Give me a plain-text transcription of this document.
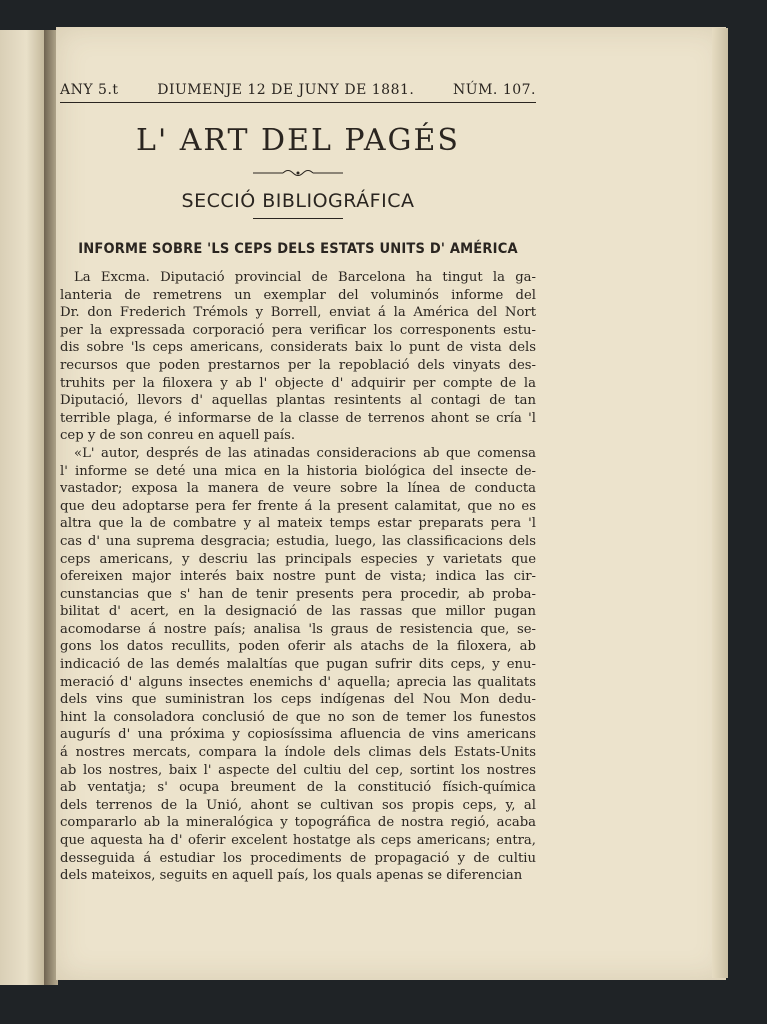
ANY 5.t	DIUMENJE 12 DE JUNY DE 1881.	NÚM. 107.
L' ART DEL PAGÉS
SECCIÓ BIBLIOGRÁFICA
INFORME SOBRE 'LS CEPS DELS ESTATS UNITS D' AMÉRICA
La Excma. Diputació provincial de Barcelona ha tingut la ga-
lanteria de remetrens un exemplar del voluminós informe del
Dr. don Frederich Trémols y Borrell, enviat á la América del Nort
per la expressada corporació pera verificar los corresponents estu-
dis sobre 'ls ceps americans, considerats baix lo punt de vista dels
recursos que poden prestarnos per la repoblació dels vinyats des-
truhits per la filoxera y ab l' objecte d' adquirir per compte de la
Diputació, llevors d' aquellas plantas resintents al contagi de tan
terrible plaga, é informarse de la classe de terrenos ahont se cría 'l
cep y de son conreu en aquell país.
«L' autor, després de las atinadas consideracions ab que comensa
l' informe se deté una mica en la historia biológica del insecte de-
vastador; exposa la manera de veure sobre la línea de conducta
que deu adoptarse pera fer frente á la present calamitat, que no es
altra que la de combatre y al mateix temps estar preparats pera 'l
cas d' una suprema desgracia; estudia, luego, las classificacions dels
ceps americans, y descriu las principals especies y varietats que
ofereixen major interés baix nostre punt de vista; indica las cir-
cunstancias que s' han de tenir presents pera procedir, ab proba-
bilitat d' acert, en la designació de las rassas que millor pugan
acomodarse á nostre país; analisa 'ls graus de resistencia que, se-
gons los datos recullits, poden oferir als atachs de la filoxera, ab
indicació de las demés malaltías que pugan sufrir dits ceps, y enu-
meració d' alguns insectes enemichs d' aquella; aprecia las qualitats
dels vins que suministran los ceps indígenas del Nou Mon dedu-
hint la consoladora conclusió de que no son de temer los funestos
augurís d' una próxima y copiosíssima afluencia de vins americans
á nostres mercats, compara la índole dels climas dels Estats-Units
ab los nostres, baix l' aspecte del cultiu del cep, sortint los nostres
ab ventatja; s' ocupa breument de la constitució físich-química
dels terrenos de la Unió, ahont se cultivan sos propis ceps, y, al
compararlo ab la mineralógica y topográfica de nostra regió, acaba
que aquesta ha d' oferir excelent hostatge als ceps americans; entra,
desseguida á estudiar los procediments de propagació y de cultiu
dels mateixos, seguits en aquell país, los quals apenas se diferencian
